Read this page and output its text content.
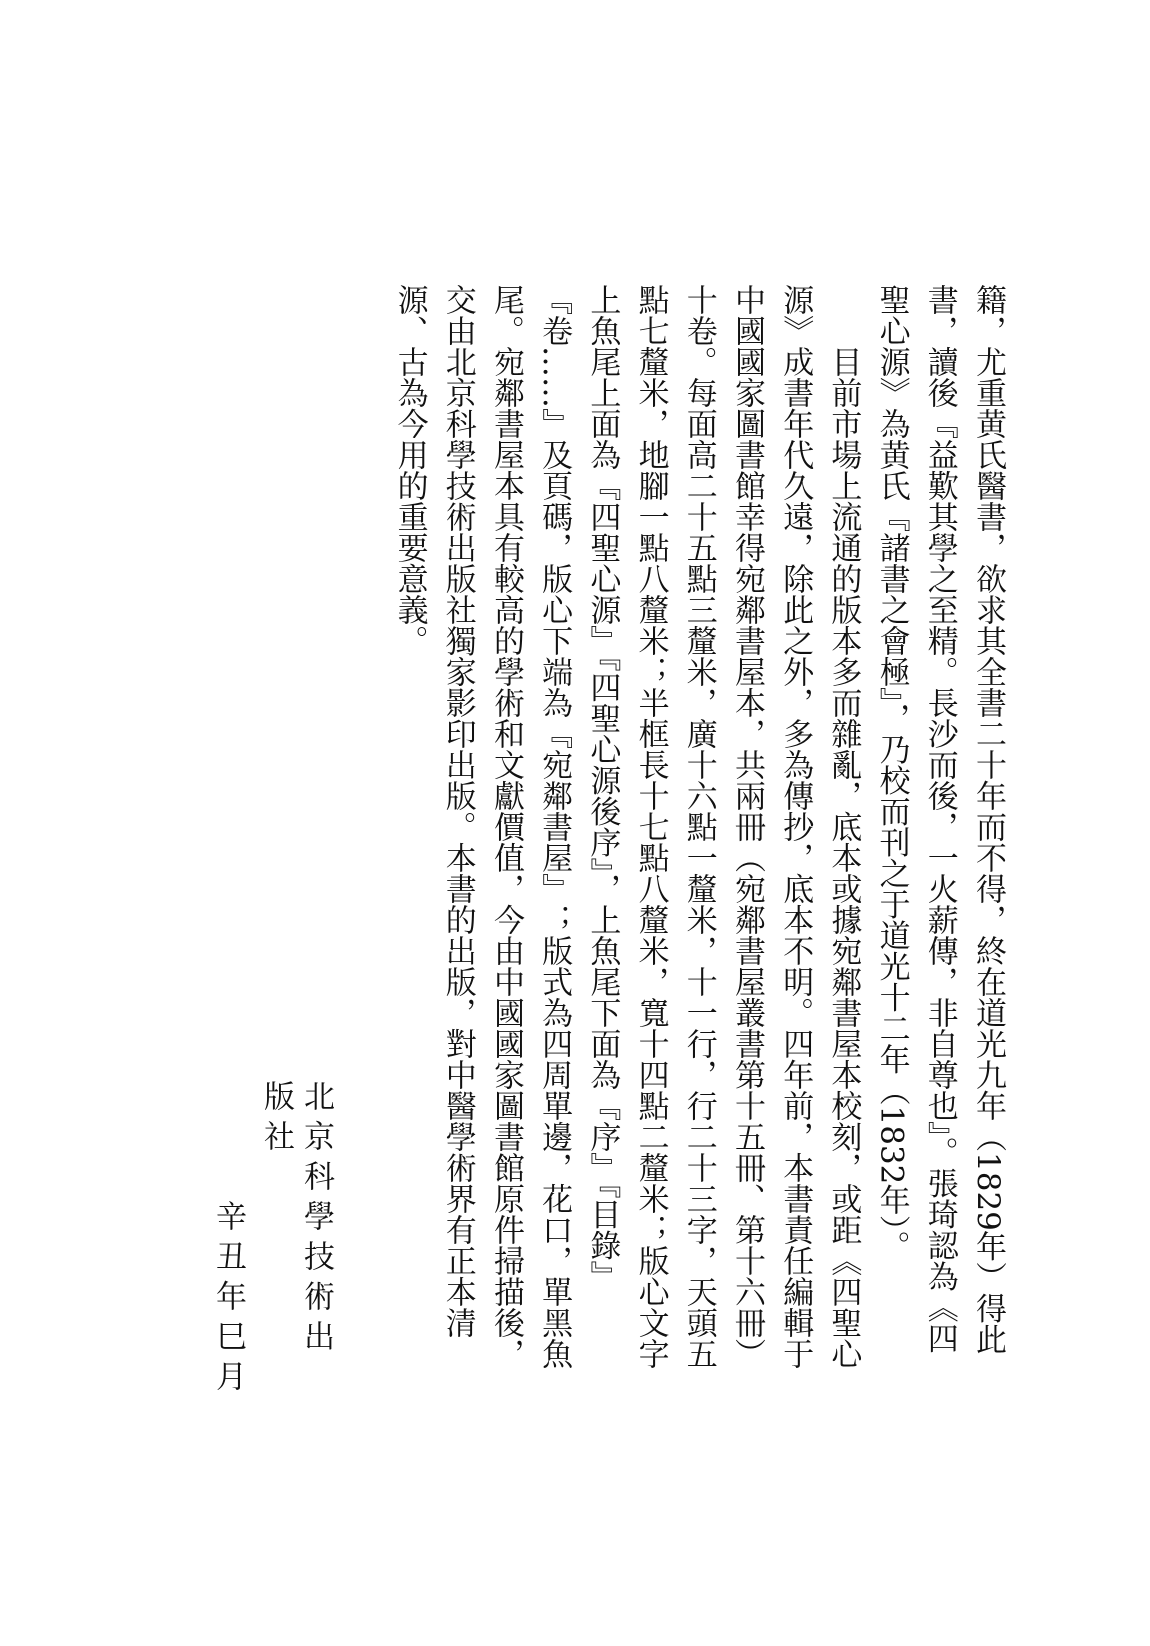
籍，尤重黄氏醫書，欲求其全書二十年而不得，終在道光九年（1829年）得此書，讀後『益歎其學之至精。長沙而後，一火薪傳，非自尊也』。張琦認為《四聖心源》為黄氏『諸書之會極』，乃校而刊之于道光十二年（1832年）。

目前市場上流通的版本多而雜亂，底本或據宛鄰書屋本校刻，或距《四聖心源》成書年代久遠，除此之外，多為傳抄，底本不明。四年前，本書責任編輯于中國國家圖書館幸得宛鄰書屋本，共兩冊（宛鄰書屋叢書第十五冊、第十六冊）十卷。每面高二十五點三釐米，廣十六點一釐米，十一行，行二十三字，天頭五點七釐米，地腳一點八釐米；半框長十七點八釐米，寬十四點二釐米；版心文字上魚尾上面為『四聖心源』『四聖心源後序』，上魚尾下面為『序』『目錄』『卷……』及頁碼，版心下端為『宛鄰書屋』；版式為四周單邊，花口，單黑魚尾。宛鄰書屋本具有較高的學術和文獻價值，今由中國國家圖書館原件掃描後，交由北京科學技術出版社獨家影印出版。本書的出版，對中醫學術界有正本清源、古為今用的重要意義。

北京科學技術出版社
辛丑年巳月
